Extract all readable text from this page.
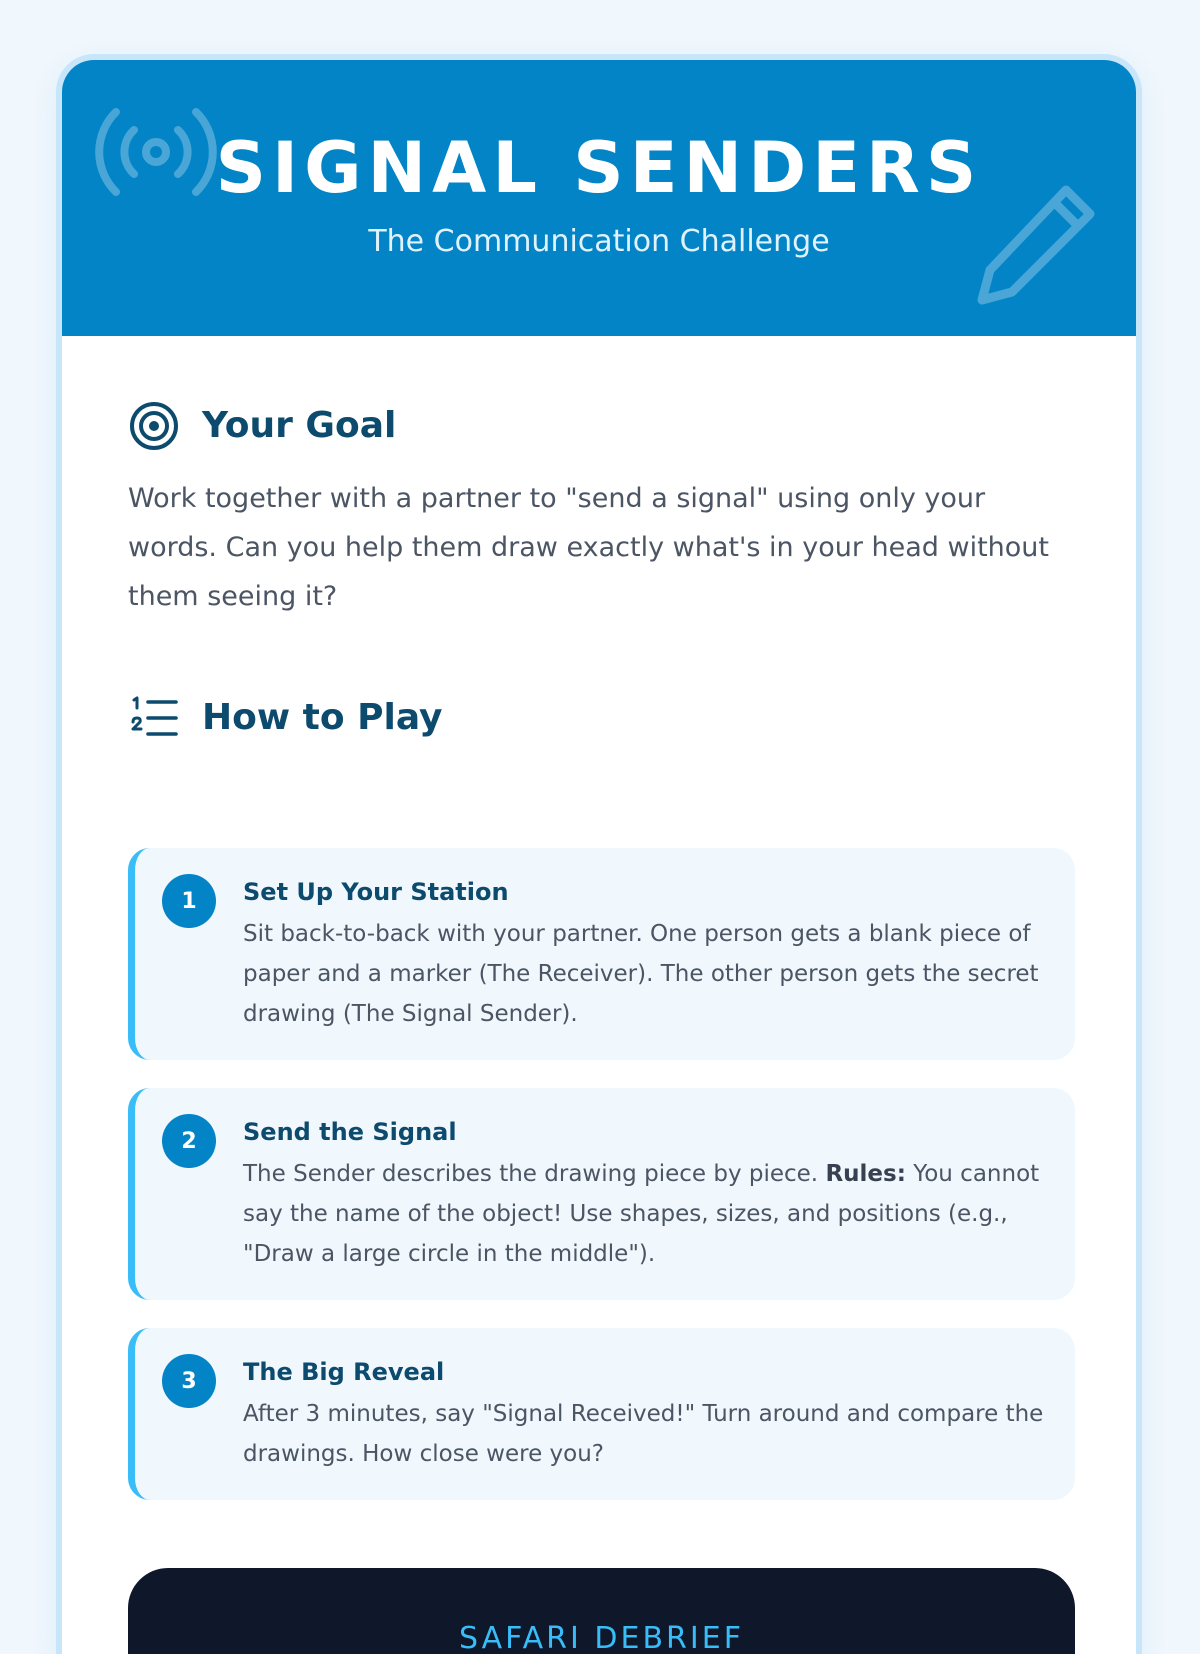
SIGNAL SENDERS
The Communication Challenge
Your Goal

Work together with a partner to "send a signal" using only your words. Can you help them draw exactly what's in your head without them seeing it?

How to Play
1	Set Up Your Station

Sit back-to-back with your partner. One person gets a blank piece of paper and a marker (The Receiver). The other person gets the secret drawing (The Signal Sender).

2	Send the Signal

The Sender describes the drawing piece by piece. Rules: You cannot say the name of the object! Use shapes, sizes, and positions (e.g., "Draw a large circle in the middle").

3	The Big Reveal

After 3 minutes, say "Signal Received!" Turn around and compare the drawings. How close were you?

SAFARI DEBRIEF
